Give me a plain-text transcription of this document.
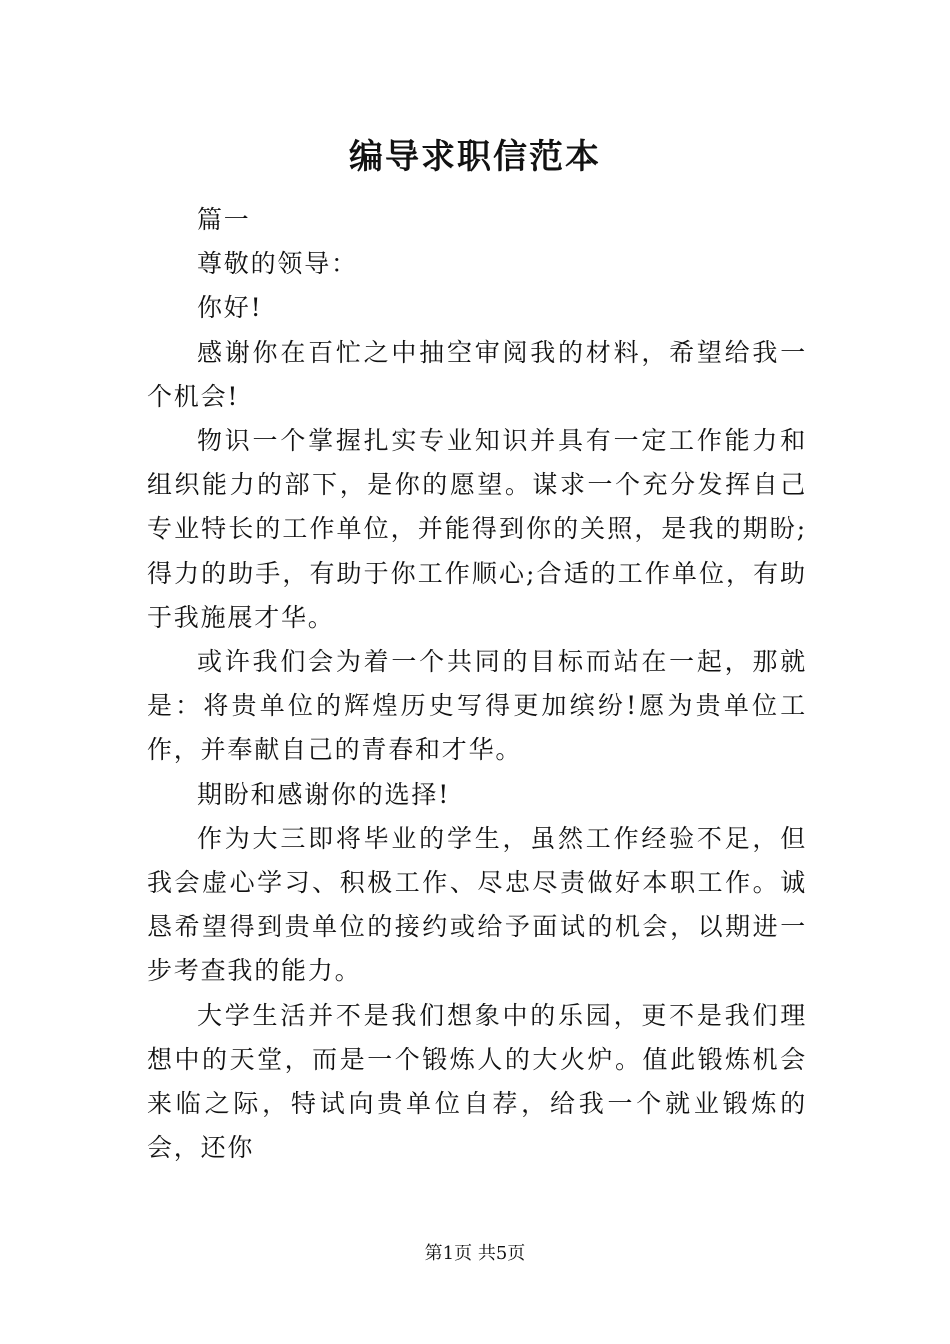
编导求职信范本

篇一

尊敬的领导：

你好!

感谢你在百忙之中抽空审阅我的材料，希望给我一个机会!

物识一个掌握扎实专业知识并具有一定工作能力和组织能力的部下，是你的愿望。谋求一个充分发挥自己专业特长的工作单位，并能得到你的关照，是我的期盼;得力的助手，有助于你工作顺心;合适的工作单位，有助于我施展才华。

或许我们会为着一个共同的目标而站在一起，那就是：将贵单位的辉煌历史写得更加缤纷!愿为贵单位工作，并奉献自己的青春和才华。

期盼和感谢你的选择!

作为大三即将毕业的学生，虽然工作经验不足，但我会虚心学习、积极工作、尽忠尽责做好本职工作。诚恳希望得到贵单位的接约或给予面试的机会，以期进一步考查我的能力。

大学生活并不是我们想象中的乐园，更不是我们理想中的天堂，而是一个锻炼人的大火炉。值此锻炼机会来临之际，特试向贵单位自荐，给我一个就业锻炼的会，还你

第1页 共5页
